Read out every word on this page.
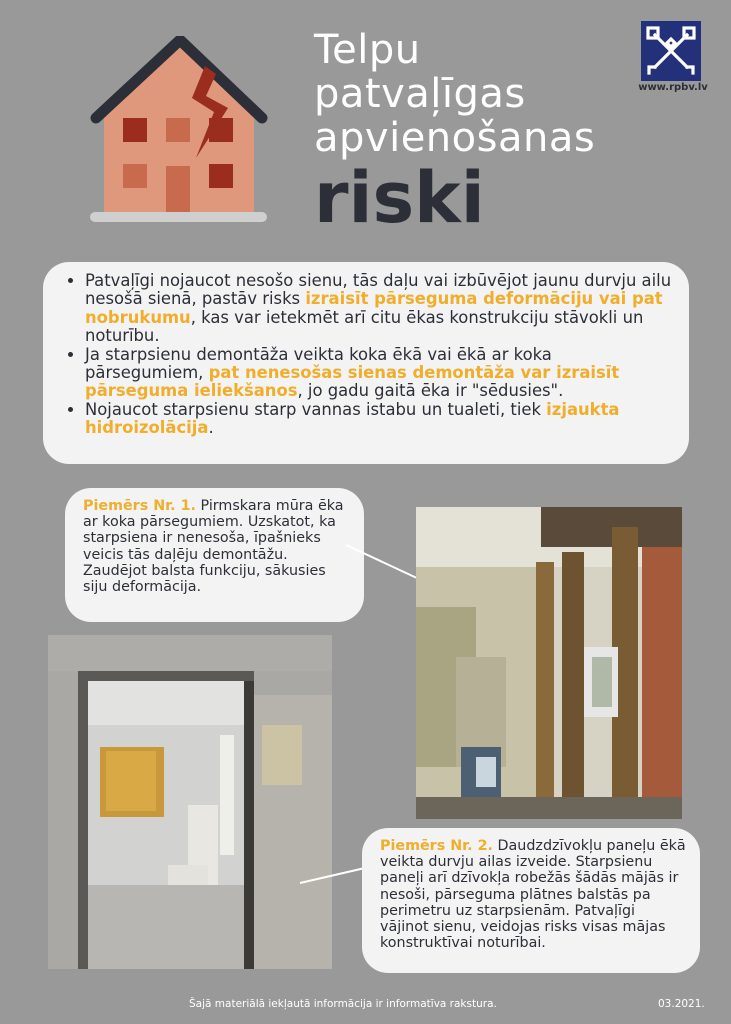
Telpu
patvaļīgas
apvienošanas
riski
www.rpbv.lv
• Patvaļīgi nojaucot nesošo sienu, tās daļu vai izbūvējot jaunu durvju ailu nesošā sienā, pastāv risks izraisīt pārseguma deformāciju vai pat nobrukumu, kas var ietekmēt arī citu ēkas konstrukciju stāvokli un noturību.
• Ja starpsienu demontāža veikta koka ēkā vai ēkā ar koka pārsegumiem, pat nenesošas sienas demontāža var izraisīt pārseguma ieliekšanos, jo gadu gaitā ēka ir "sēdusies".
• Nojaucot starpsienu starp vannas istabu un tualeti, tiek izjaukta hidroizolācija.
Piemērs Nr. 1. Pirmskara mūra ēka ar koka pārsegumiem. Uzskatot, ka starpsiena ir nenesoša, īpašnieks veicis tās daļēju demontāžu. Zaudējot balsta funkciju, sākusies siju deformācija.
Piemērs Nr. 2. Daudzdzīvokļu paneļu ēkā veikta durvju ailas izveide. Starpsienu paneļi arī dzīvokļa robežās šādās mājās ir nesoši, pārseguma plātnes balstās pa perimetru uz starpsienām. Patvaļīgi vājinot sienu, veidojas risks visas mājas konstruktīvai noturībai.
Šajā materiālā iekļautā informācija ir informatīva rakstura.	03.2021.
